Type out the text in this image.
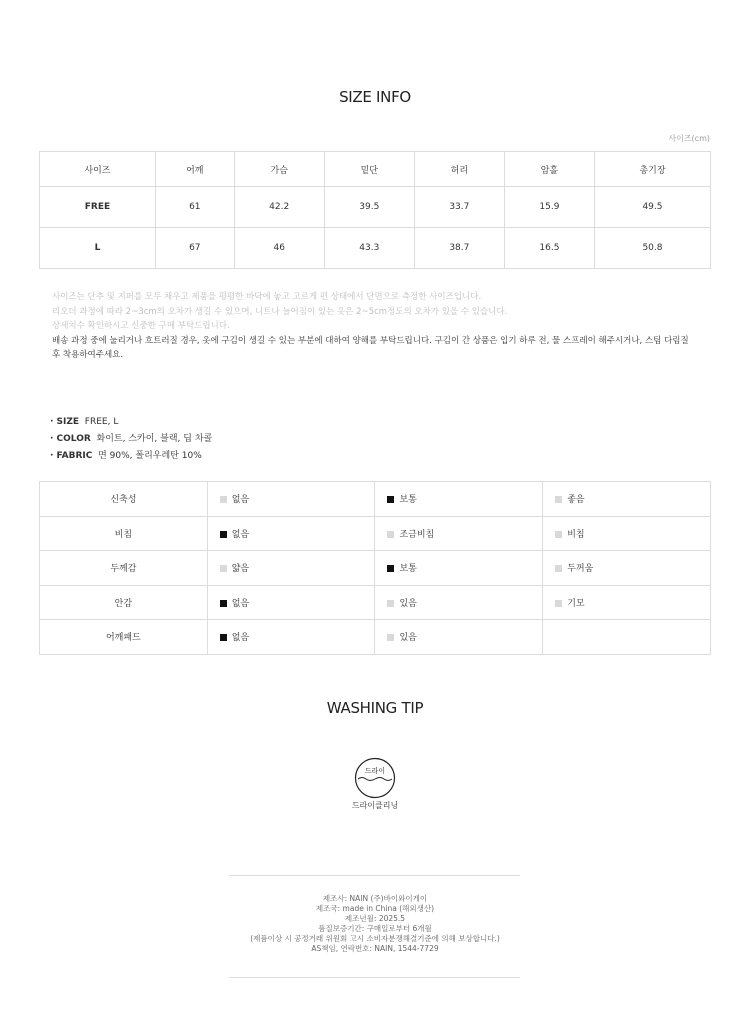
SIZE INFO
사이즈(cm)
사이즈	어깨	가슴	밑단	허리	암홀	총기장
FREE	61	42.2	39.5	33.7	15.9	49.5
L	67	46	43.3	38.7	16.5	50.8
사이즈는 단추 및 지퍼를 모두 채우고 제품을 평평한 바닥에 놓고 고르게 편 상태에서 단면으로 측정한 사이즈입니다.
리오더 과정에 따라 2~3cm의 오차가 생길 수 있으며, 니트나 늘어짐이 있는 옷은 2~5cm정도의 오차가 있을 수 있습니다.
상세치수 확인하시고 신중한 구매 부탁드립니다.
배송 과정 중에 눌리거나 흐트러질 경우, 옷에 구김이 생길 수 있는 부분에 대하여 양해를 부탁드립니다. 구김이 간 상품은 입기 하루 전, 물 스프레이 해주시거나, 스팀 다림질
후 착용하여주세요.
· SIZE FREE, L
· COLOR 화이트, 스카이, 블랙, 딥 차콜
· FABRIC 면 90%, 폴리우레탄 10%
신축성	없음	보통	좋음
비침	없음	조금비침	비침
두께감	얇음	보통	두꺼움
안감	없음	있음	기모
어깨패드	없음	있음	
WASHING TIP
드라이
드라이클리닝
제조사: NAIN (주)바이와이게이
제조국: made in China (해외생산)
제조년월: 2025.5
품질보증기간: 구매일로부터 6개월
(제품이상 시 공정거래 위원회 고시 소비자분쟁해결기준에 의해 보상합니다.)
AS책임, 연락번호: NAIN, 1544-7729
